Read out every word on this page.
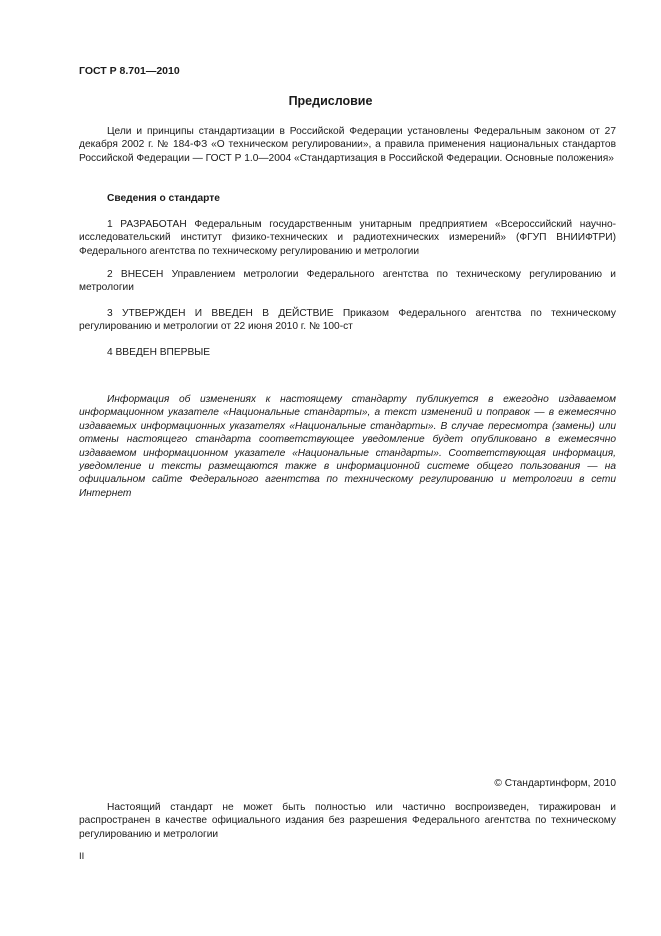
ГОСТ Р 8.701—2010
Предисловие

Цели и принципы стандартизации в Российской Федерации установлены Федеральным законом от 27 декабря 2002 г. № 184-ФЗ «О техническом регулировании», а правила применения национальных стандартов Российской Федерации — ГОСТ Р 1.0—2004 «Стандартизация в Российской Федерации. Основные положения»

Сведения о стандарте

1 РАЗРАБОТАН Федеральным государственным унитарным предприятием «Всероссийский научно-исследовательский институт физико-технических и радиотехнических измерений» (ФГУП ВНИИФТРИ) Федерального агентства по техническому регулированию и метрологии

2 ВНЕСЕН Управлением метрологии Федерального агентства по техническому регулированию и метрологии

3 УТВЕРЖДЕН И ВВЕДЕН В ДЕЙСТВИЕ Приказом Федерального агентства по техническому регулированию и метрологии от 22 июня 2010 г. № 100-ст

4 ВВЕДЕН ВПЕРВЫЕ

Информация об изменениях к настоящему стандарту публикуется в ежегодно издаваемом информационном указателе «Национальные стандарты», а текст изменений и поправок — в ежемесячно издаваемых информационных указателях «Национальные стандарты». В случае пересмотра (замены) или отмены настоящего стандарта соответствующее уведомление будет опубликовано в ежемесячно издаваемом информационном указателе «Национальные стандарты». Соответствующая информация, уведомление и тексты размещаются также в информационной системе общего пользования — на официальном сайте Федерального агентства по техническому регулированию и метрологии в сети Интернет

© Стандартинформ, 2010

Настоящий стандарт не может быть полностью или частично воспроизведен, тиражирован и распространен в качестве официального издания без разрешения Федерального агентства по техническому регулированию и метрологии

II
